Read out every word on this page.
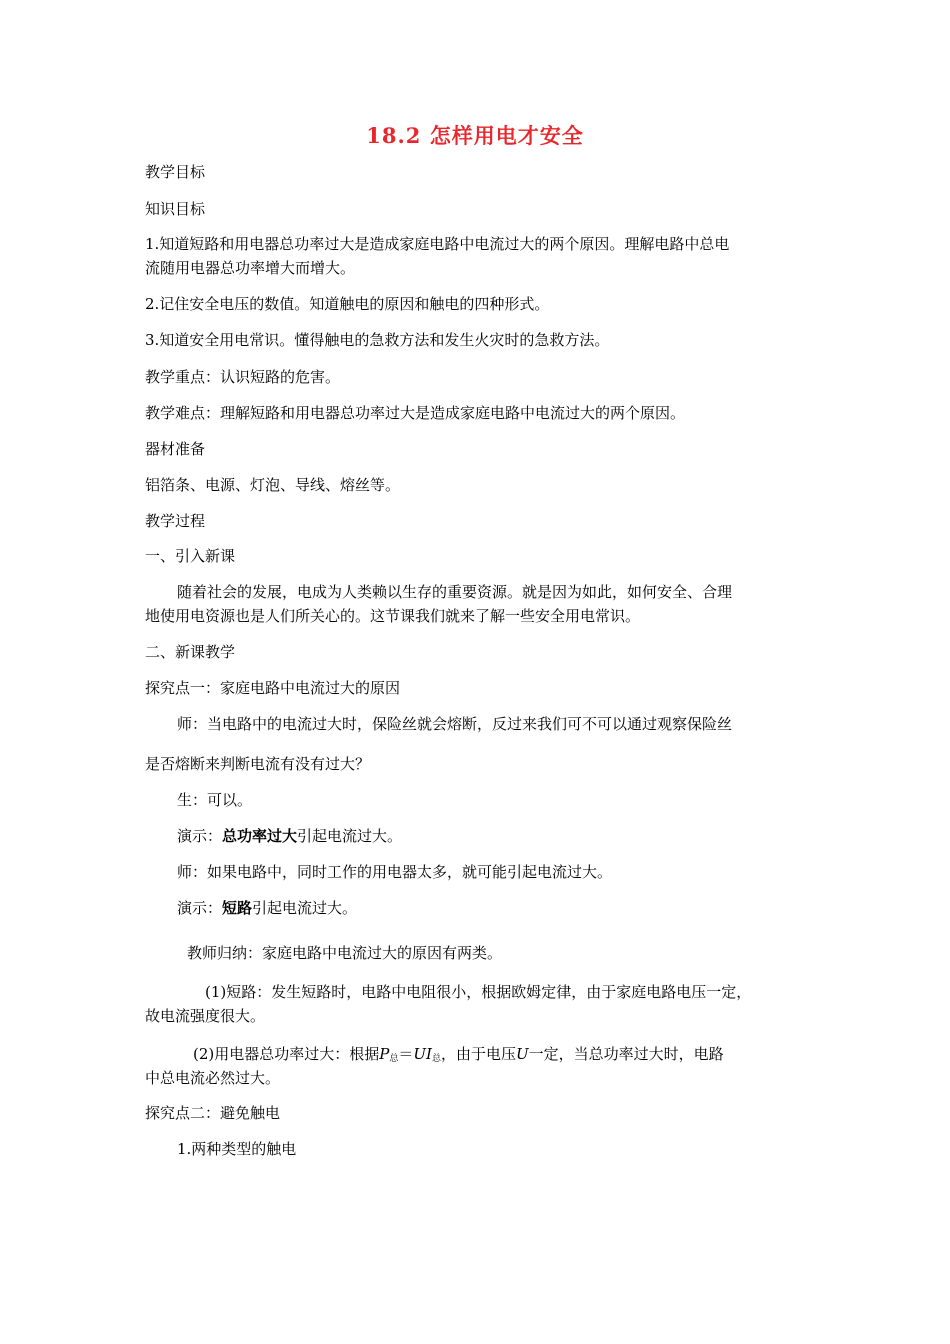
18.2 怎样用电才安全
教学目标
知识目标
1.知道短路和用电器总功率过大是造成家庭电路中电流过大的两个原因。理解电路中总电
流随用电器总功率增大而增大。
2.记住安全电压的数值。知道触电的原因和触电的四种形式。
3.知道安全用电常识。懂得触电的急救方法和发生火灾时的急救方法。
教学重点：认识短路的危害。
教学难点：理解短路和用电器总功率过大是造成家庭电路中电流过大的两个原因。
器材准备
铝箔条、电源、灯泡、导线、熔丝等。
教学过程
一、引入新课
随着社会的发展，电成为人类赖以生存的重要资源。就是因为如此，如何安全、合理
地使用电资源也是人们所关心的。这节课我们就来了解一些安全用电常识。
二、新课教学
探究点一：家庭电路中电流过大的原因
师：当电路中的电流过大时，保险丝就会熔断，反过来我们可不可以通过观察保险丝
是否熔断来判断电流有没有过大？
生：可以。
演示：总功率过大引起电流过大。
师：如果电路中，同时工作的用电器太多，就可能引起电流过大。
演示：短路引起电流过大。
教师归纳：家庭电路中电流过大的原因有两类。
(1)短路：发生短路时，电路中电阻很小，根据欧姆定律，由于家庭电路电压一定，
故电流强度很大。
(2)用电器总功率过大：根据$P_总=UI_总$，由于电压U一定，当总功率过大时，电路
中总电流必然过大。
探究点二：避免触电
1.两种类型的触电
